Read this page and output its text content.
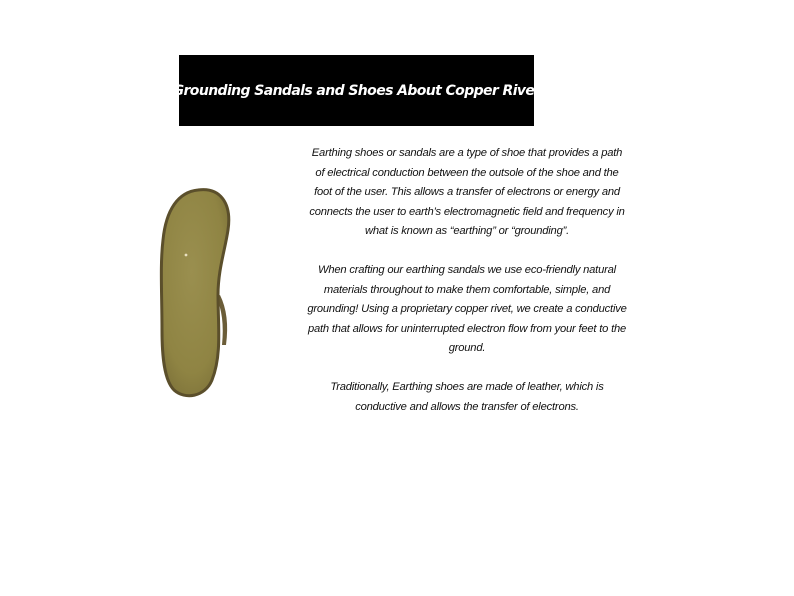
Grounding Sandals and Shoes About Copper Rivet

Earthing shoes or sandals are a type of shoe that provides a path of electrical conduction between the outsole of the shoe and the foot of the user. This allows a transfer of electrons or energy and connects the user to earth’s electromagnetic field and frequency in what is known as “earthing” or “grounding”.

When crafting our earthing sandals we use eco-friendly natural materials throughout to make them comfortable, simple, and grounding! Using a proprietary copper rivet, we create a conductive path that allows for uninterrupted electron flow from your feet to the ground.

Traditionally, Earthing shoes are made of leather, which is conductive and allows the transfer of electrons.
